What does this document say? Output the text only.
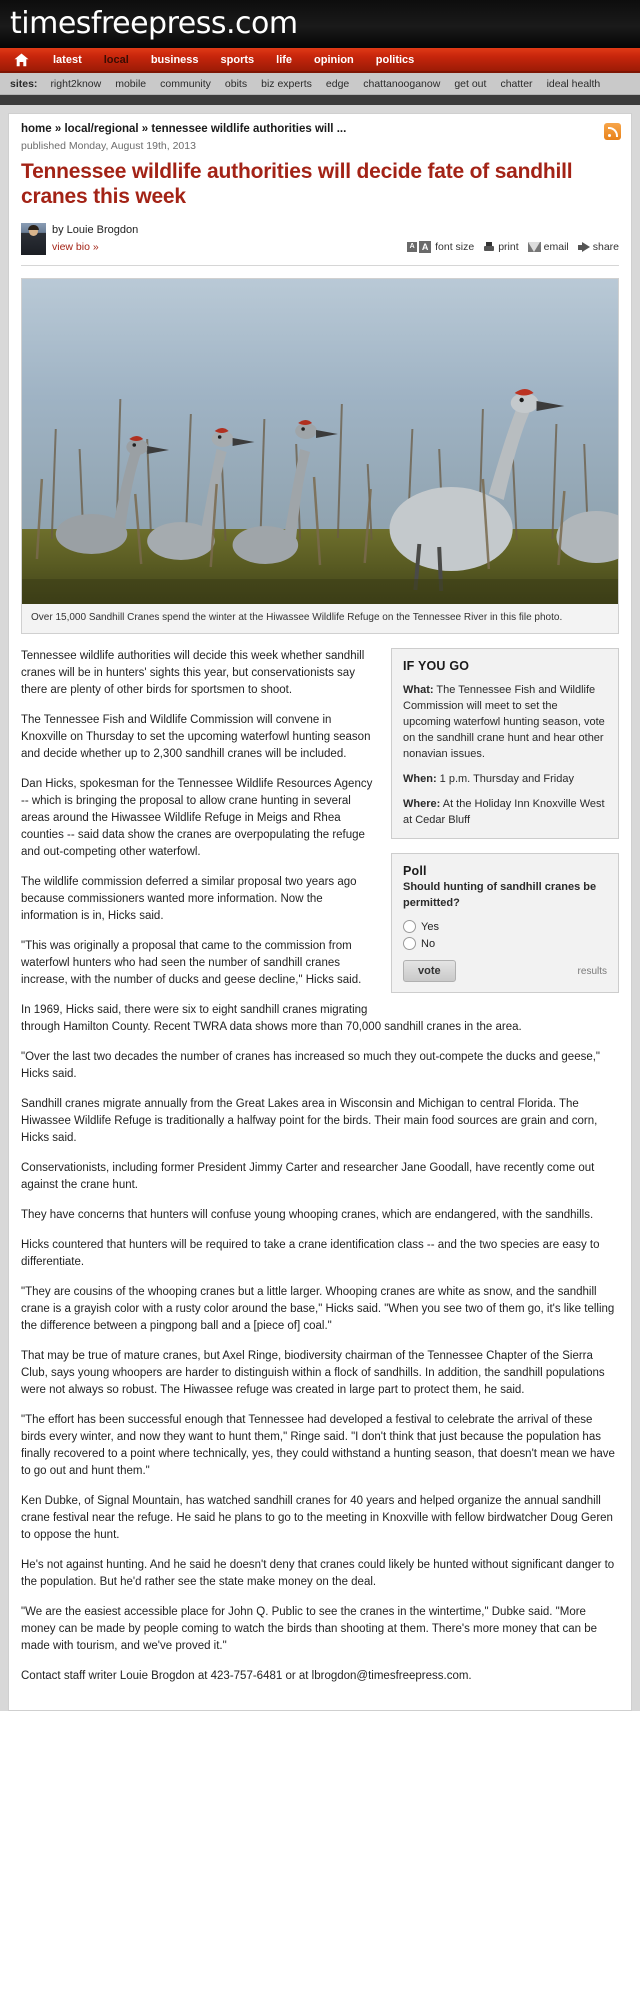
timesfreepress.com
latest	local	business	sports	life	opinion	politics
sites:	right2know	mobile	community	obits	biz experts	edge	chattanooganow	get out	chatter	ideal health
home » local/regional » tennessee wildlife authorities will ...
published Monday, August 19th, 2013
Tennessee wildlife authorities will decide fate of sandhill cranes this week
by Louie Brogdon
view bio »	A A font size print email share
Over 15,000 Sandhill Cranes spend the winter at the Hiwassee Wildlife Refuge on the Tennessee River in this file photo.
IF YOU GO

What: The Tennessee Fish and Wildlife Commission will meet to set the upcoming waterfowl hunting season, vote on the sandhill crane hunt and hear other nonavian issues.

When: 1 p.m. Thursday and Friday

Where: At the Holiday Inn Knoxville West at Cedar Bluff

Poll

Should hunting of sandhill cranes be permitted?

Yes
No
vote	results

Tennessee wildlife authorities will decide this week whether sandhill cranes will be in hunters' sights this year, but conservationists say there are plenty of other birds for sportsmen to shoot.

The Tennessee Fish and Wildlife Commission will convene in Knoxville on Thursday to set the upcoming waterfowl hunting season and decide whether up to 2,300 sandhill cranes will be included.

Dan Hicks, spokesman for the Tennessee Wildlife Resources Agency -- which is bringing the proposal to allow crane hunting in several areas around the Hiwassee Wildlife Refuge in Meigs and Rhea counties -- said data show the cranes are overpopulating the refuge and out-competing other waterfowl.

The wildlife commission deferred a similar proposal two years ago because commissioners wanted more information. Now the information is in, Hicks said.

"This was originally a proposal that came to the commission from waterfowl hunters who had seen the number of sandhill cranes increase, with the number of ducks and geese decline," Hicks said.

In 1969, Hicks said, there were six to eight sandhill cranes migrating through Hamilton County. Recent TWRA data shows more than 70,000 sandhill cranes in the area.

"Over the last two decades the number of cranes has increased so much they out-compete the ducks and geese," Hicks said.

Sandhill cranes migrate annually from the Great Lakes area in Wisconsin and Michigan to central Florida. The Hiwassee Wildlife Refuge is traditionally a halfway point for the birds. Their main food sources are grain and corn, Hicks said.

Conservationists, including former President Jimmy Carter and researcher Jane Goodall, have recently come out against the crane hunt.

They have concerns that hunters will confuse young whooping cranes, which are endangered, with the sandhills.

Hicks countered that hunters will be required to take a crane identification class -- and the two species are easy to differentiate.

"They are cousins of the whooping cranes but a little larger. Whooping cranes are white as snow, and the sandhill crane is a grayish color with a rusty color around the base," Hicks said. "When you see two of them go, it's like telling the difference between a pingpong ball and a [piece of] coal."

That may be true of mature cranes, but Axel Ringe, biodiversity chairman of the Tennessee Chapter of the Sierra Club, says young whoopers are harder to distinguish within a flock of sandhills. In addition, the sandhill populations were not always so robust. The Hiwassee refuge was created in large part to protect them, he said.

"The effort has been successful enough that Tennessee had developed a festival to celebrate the arrival of these birds every winter, and now they want to hunt them," Ringe said. "I don't think that just because the population has finally recovered to a point where technically, yes, they could withstand a hunting season, that doesn't mean we have to go out and hunt them."

Ken Dubke, of Signal Mountain, has watched sandhill cranes for 40 years and helped organize the annual sandhill crane festival near the refuge. He said he plans to go to the meeting in Knoxville with fellow birdwatcher Doug Geren to oppose the hunt.

He's not against hunting. And he said he doesn't deny that cranes could likely be hunted without significant danger to the population. But he'd rather see the state make money on the deal.

"We are the easiest accessible place for John Q. Public to see the cranes in the wintertime," Dubke said. "More money can be made by people coming to watch the birds than shooting at them. There's more money that can be made with tourism, and we've proved it."

Contact staff writer Louie Brogdon at 423-757-6481 or at lbrogdon@timesfreepress.com.
